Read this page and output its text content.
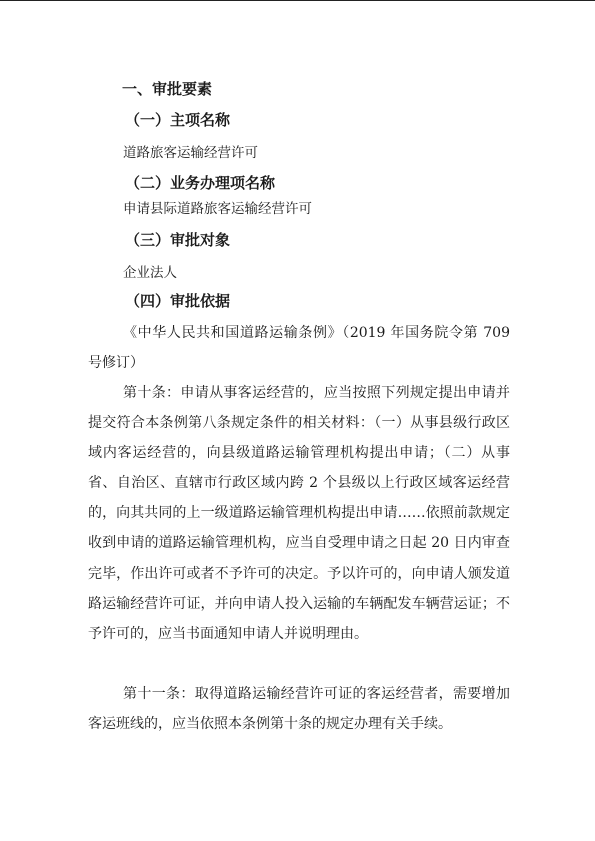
一、审批要素
（一）主项名称
道路旅客运输经营许可
（二）业务办理项名称
申请县际道路旅客运输经营许可
（三）审批对象
企业法人
（四）审批依据
《中华人民共和国道路运输条例》（2019 年国务院令第 709 号修订）
第十条：申请从事客运经营的，应当按照下列规定提出申请并提交符合本条例第八条规定条件的相关材料：（一）从事县级行政区域内客运经营的，向县级道路运输管理机构提出申请；（二）从事省、自治区、直辖市行政区域内跨 2 个县级以上行政区域客运经营的，向其共同的上一级道路运输管理机构提出申请……依照前款规定收到申请的道路运输管理机构，应当自受理申请之日起 20 日内审查完毕，作出许可或者不予许可的决定。予以许可的，向申请人颁发道路运输经营许可证，并向申请人投入运输的车辆配发车辆营运证；不予许可的，应当书面通知申请人并说明理由。
第十一条：取得道路运输经营许可证的客运经营者，需要增加客运班线的，应当依照本条例第十条的规定办理有关手续。
